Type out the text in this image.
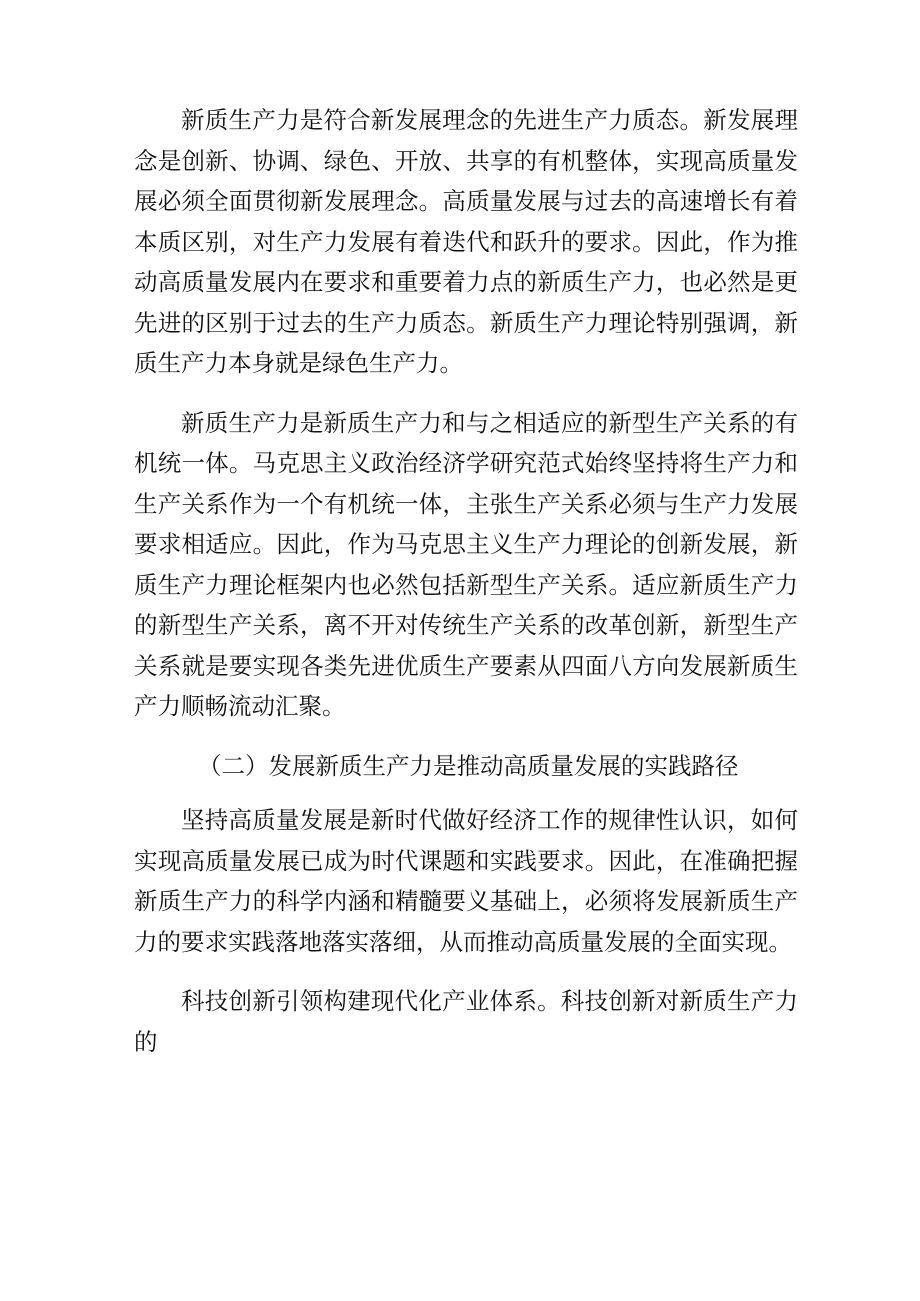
新质生产力是符合新发展理念的先进生产力质态。新发展理念是创新、协调、绿色、开放、共享的有机整体，实现高质量发展必须全面贯彻新发展理念。高质量发展与过去的高速增长有着本质区别，对生产力发展有着迭代和跃升的要求。因此，作为推动高质量发展内在要求和重要着力点的新质生产力，也必然是更先进的区别于过去的生产力质态。新质生产力理论特别强调，新质生产力本身就是绿色生产力。

新质生产力是新质生产力和与之相适应的新型生产关系的有机统一体。马克思主义政治经济学研究范式始终坚持将生产力和生产关系作为一个有机统一体，主张生产关系必须与生产力发展要求相适应。因此，作为马克思主义生产力理论的创新发展，新质生产力理论框架内也必然包括新型生产关系。适应新质生产力的新型生产关系，离不开对传统生产关系的改革创新，新型生产关系就是要实现各类先进优质生产要素从四面八方向发展新质生产力顺畅流动汇聚。

（二）发展新质生产力是推动高质量发展的实践路径

坚持高质量发展是新时代做好经济工作的规律性认识，如何实现高质量发展已成为时代课题和实践要求。因此，在准确把握新质生产力的科学内涵和精髓要义基础上，必须将发展新质生产力的要求实践落地落实落细，从而推动高质量发展的全面实现。

科技创新引领构建现代化产业体系。科技创新对新质生产力的
